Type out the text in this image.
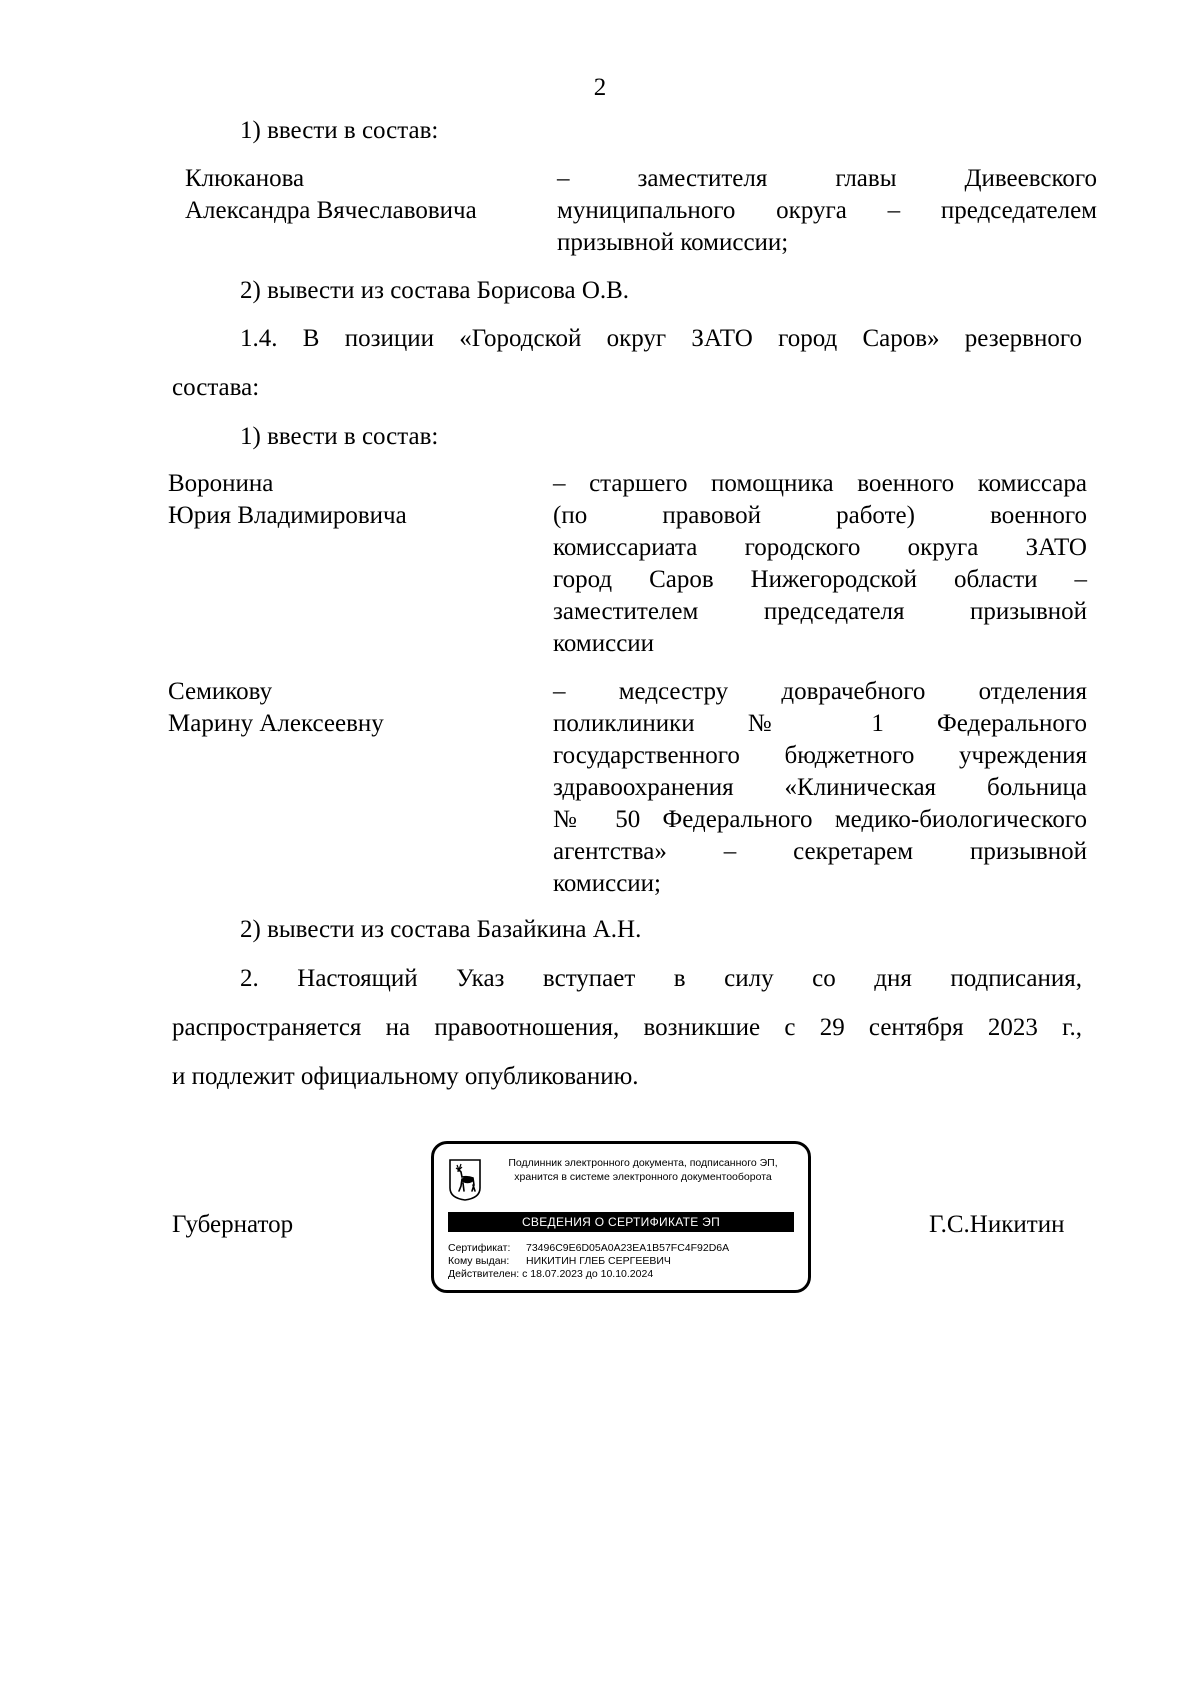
2
1) ввести в состав:
Клюканова
Александра Вячеславовича
– заместителя главы Дивеевского
муниципального округа – председателем
призывной комиссии;
2) вывести из состава Борисова О.В.
1.4. В позиции «Городской округ ЗАТО город Саров» резервного
состава:
1) ввести в состав:
Воронина
Юрия Владимировича
– старшего помощника военного комиссара
(по правовой работе) военного
комиссариата городского округа ЗАТО
город Саров Нижегородской области –
заместителем председателя призывной
комиссии
Семикову
Марину Алексеевну
– медсестру доврачебного отделения
поликлиники № 1 Федерального
государственного бюджетного учреждения
здравоохранения «Клиническая больница
№ 50 Федерального медико-биологического
агентства» – секретарем призывной
комиссии;
2) вывести из состава Базайкина А.Н.
2. Настоящий Указ вступает в силу со дня подписания,
распространяется на правоотношения, возникшие с 29 сентября 2023 г.,
и подлежит официальному опубликованию.
Губернатор	Г.С.Никитин
Подлинник электронного документа, подписанного ЭП,
хранится в системе электронного документооборота
СВЕДЕНИЯ О СЕРТИФИКАТЕ ЭП
Сертификат: 73496C9E6D05A0A23EA1B57FC4F92D6A
Кому выдан: НИКИТИН ГЛЕБ СЕРГЕЕВИЧ
Действителен: с 18.07.2023 до 10.10.2024
